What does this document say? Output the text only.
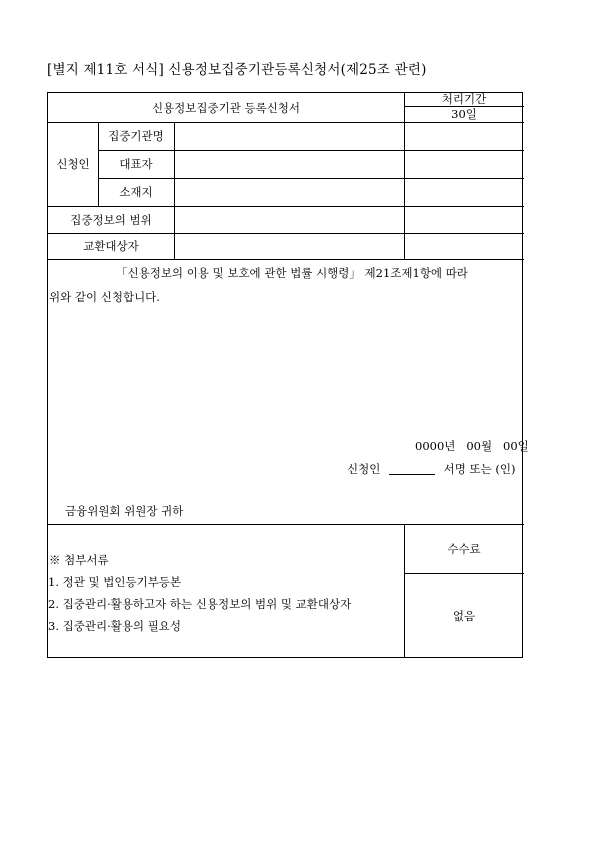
[별지 제11호 서식] 신용정보집중기관등록신청서(제25조 관련)
신용정보집중기관 등록신청서
처리기간
30일
신청인
집중기관명
대표자
소재지
집중정보의 범위
교환대상자
「신용정보의 이용 및 보호에 관한 법률 시행령」 제21조제1항에 따라
위와 같이 신청합니다.
0000년   00월   00일
신청인	서명 또는 (인)
금융위원회 위원장 귀하
※ 첨부서류
1. 정관 및 법인등기부등본
2. 집중관리·활용하고자 하는 신용정보의 범위 및 교환대상자
3. 집중관리·활용의 필요성
수수료
없음
